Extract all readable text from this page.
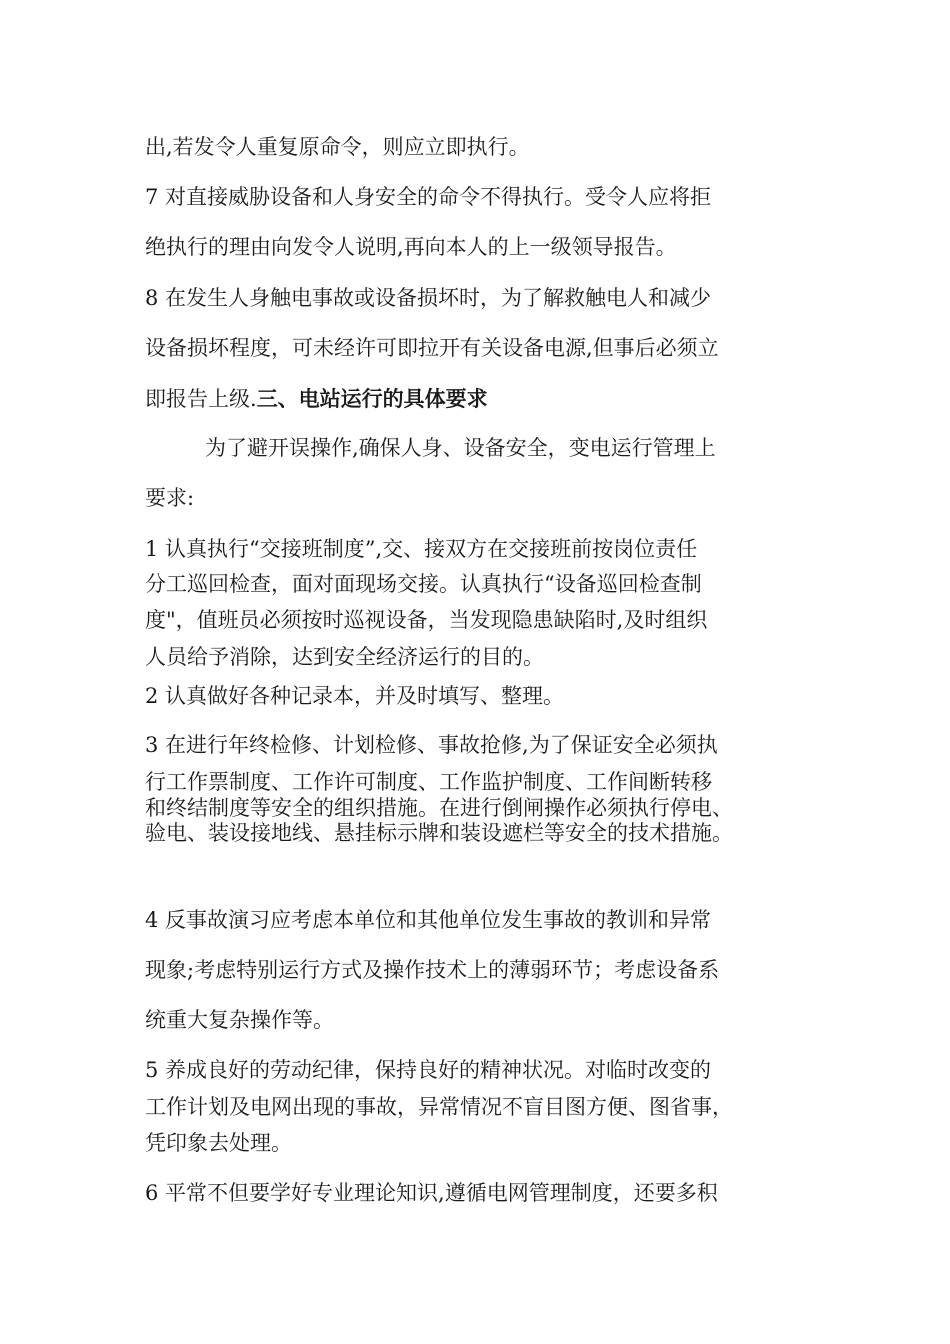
出,若发令人重复原命令，则应立即执行。
7 对直接威胁设备和人身安全的命令不得执行。受令人应将拒
绝执行的理由向发令人说明,再向本人的上一级领导报告。
8 在发生人身触电事故或设备损坏时，为了解救触电人和减少
设备损坏程度，可未经许可即拉开有关设备电源,但事后必须立
即报告上级.三、电站运行的具体要求
为了避开误操作,确保人身、设备安全，变电运行管理上
要求:
1 认真执行“交接班制度”,交、接双方在交接班前按岗位责任
分工巡回检查，面对面现场交接。认真执行“设备巡回检查制
度"，值班员必须按时巡视设备，当发现隐患缺陷时,及时组织
人员给予消除，达到安全经济运行的目的。
2 认真做好各种记录本，并及时填写、整理。
3 在进行年终检修、计划检修、事故抢修,为了保证安全必须执
行工作票制度、工作许可制度、工作监护制度、工作间断转移
和终结制度等安全的组织措施。在进行倒闸操作必须执行停电、
验电、装设接地线、悬挂标示牌和装设遮栏等安全的技术措施。
4 反事故演习应考虑本单位和其他单位发生事故的教训和异常
现象;考虑特别运行方式及操作技术上的薄弱环节；考虑设备系
统重大复杂操作等。
5 养成良好的劳动纪律，保持良好的精神状况。对临时改变的
工作计划及电网出现的事故，异常情况不盲目图方便、图省事，
凭印象去处理。
6 平常不但要学好专业理论知识,遵循电网管理制度，还要多积
